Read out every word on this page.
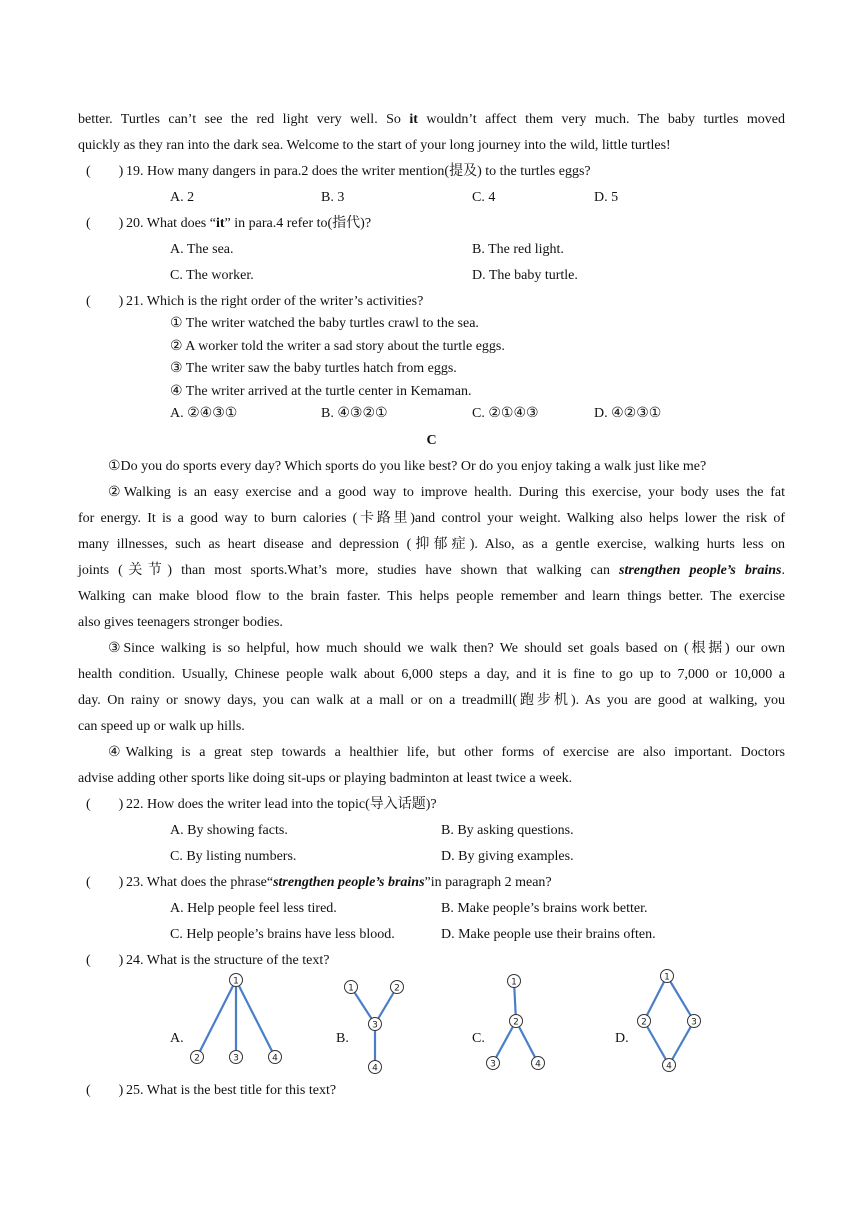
better. Turtles can’t see the red light very well. So it wouldn’t affect them very much. The baby turtles moved
quickly as they ran into the dark sea. Welcome to the start of your long journey into the wild, little turtles!
( ) 19. How many dangers in para.2 does the writer mention(提及) to the turtles eggs?
A. 2	B. 3	C. 4	D. 5
( ) 20. What does “it” in para.4 refer to(指代)?
A. The sea.	B. The red light.
C. The worker.	D. The baby turtle.
( ) 21. Which is the right order of the writer’s activities?
① The writer watched the baby turtles crawl to the sea.
② A worker told the writer a sad story about the turtle eggs.
③ The writer saw the baby turtles hatch from eggs.
④ The writer arrived at the turtle center in Kemaman.
A. ②④③①	B. ④③②①	C. ②①④③	D. ④②③①
C
①Do you do sports every day? Which sports do you like best? Or do you enjoy taking a walk just like me?
②Walking is an easy exercise and a good way to improve health. During this exercise, your body uses the fat
for energy. It is a good way to burn calories (卡路里)and control your weight. Walking also helps lower the risk of
many illnesses, such as heart disease and depression (抑郁症). Also, as a gentle exercise, walking hurts less on
joints (关节) than most sports.What’s more, studies have shown that walking can strengthen people’s brains.
Walking can make blood flow to the brain faster. This helps people remember and learn things better. The exercise
also gives teenagers stronger bodies.
③Since walking is so helpful, how much should we walk then? We should set goals based on (根据) our own
health condition. Usually, Chinese people walk about 6,000 steps a day, and it is fine to go up to 7,000 or 10,000 a
day. On rainy or snowy days, you can walk at a mall or on a treadmill(跑步机). As you are good at walking, you
can speed up or walk up hills.
④Walking is a great step towards a healthier life, but other forms of exercise are also important. Doctors
advise adding other sports like doing sit-ups or playing badminton at least twice a week.
( ) 22. How does the writer lead into the topic(导入话题)?
A. By showing facts.	B. By asking questions.
C. By listing numbers.	D. By giving examples.
( ) 23. What does the phrase“strengthen people’s brains”in paragraph 2 mean?
A. Help people feel less tired.	B. Make people’s brains work better.
C. Help people’s brains have less blood.	D. Make people use their brains often.
( ) 24. What is the structure of the text?
A.	B.	C.	D.
1
2	3	4
1	2
3
4
1
2
3	4
1
2	3
4
( ) 25. What is the best title for this text?
